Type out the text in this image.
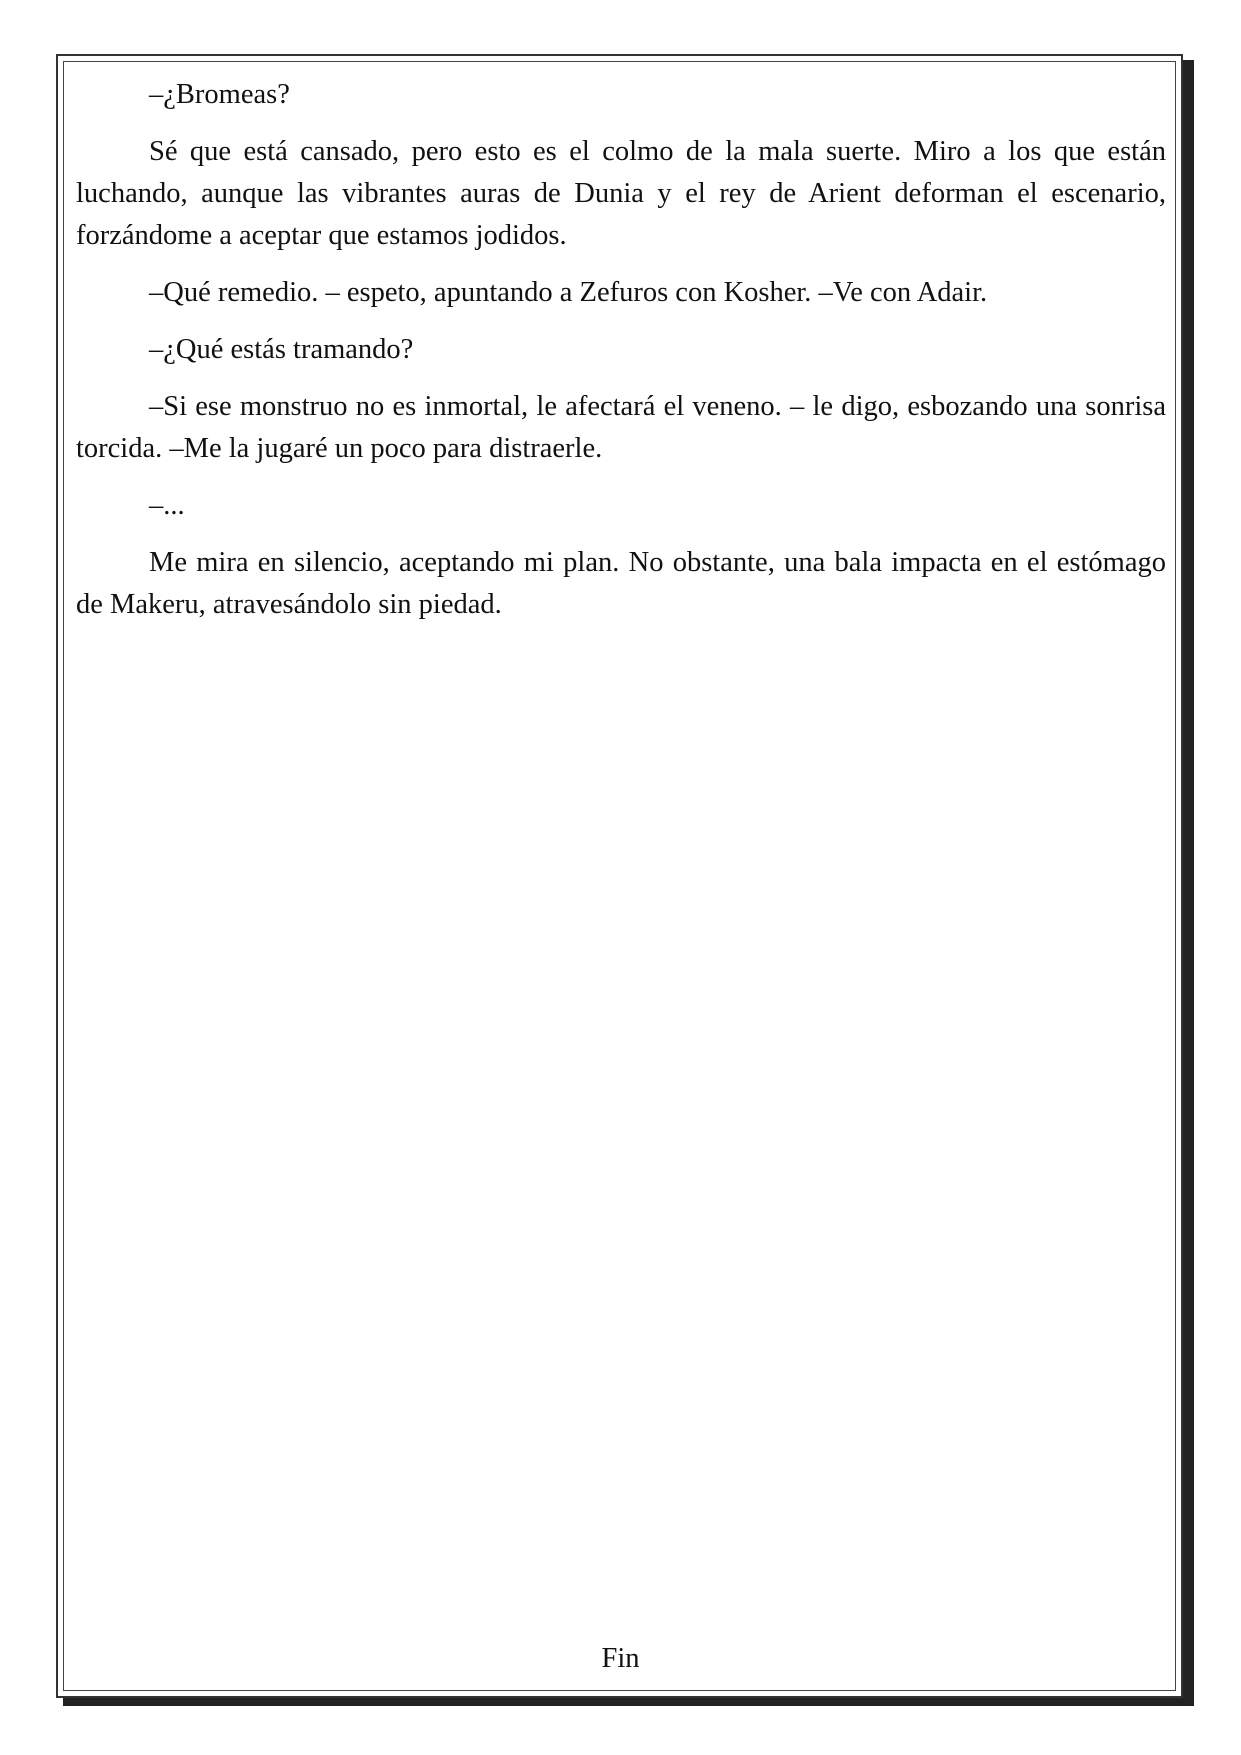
–¿Bromeas?

Sé que está cansado, pero esto es el colmo de la mala suerte. Miro a los que están luchando, aunque las vibrantes auras de Dunia y el rey de Arient deforman el escenario, forzándome a aceptar que estamos jodidos.

–Qué remedio. – espeto, apuntando a Zefuros con Kosher. –Ve con Adair.

–¿Qué estás tramando?

–Si ese monstruo no es inmortal, le afectará el veneno. – le digo, esbozando una sonrisa torcida. –Me la jugaré un poco para distraerle.

–...

Me mira en silencio, aceptando mi plan. No obstante, una bala impacta en el estómago de Makeru, atravesándolo sin piedad.

Fin
